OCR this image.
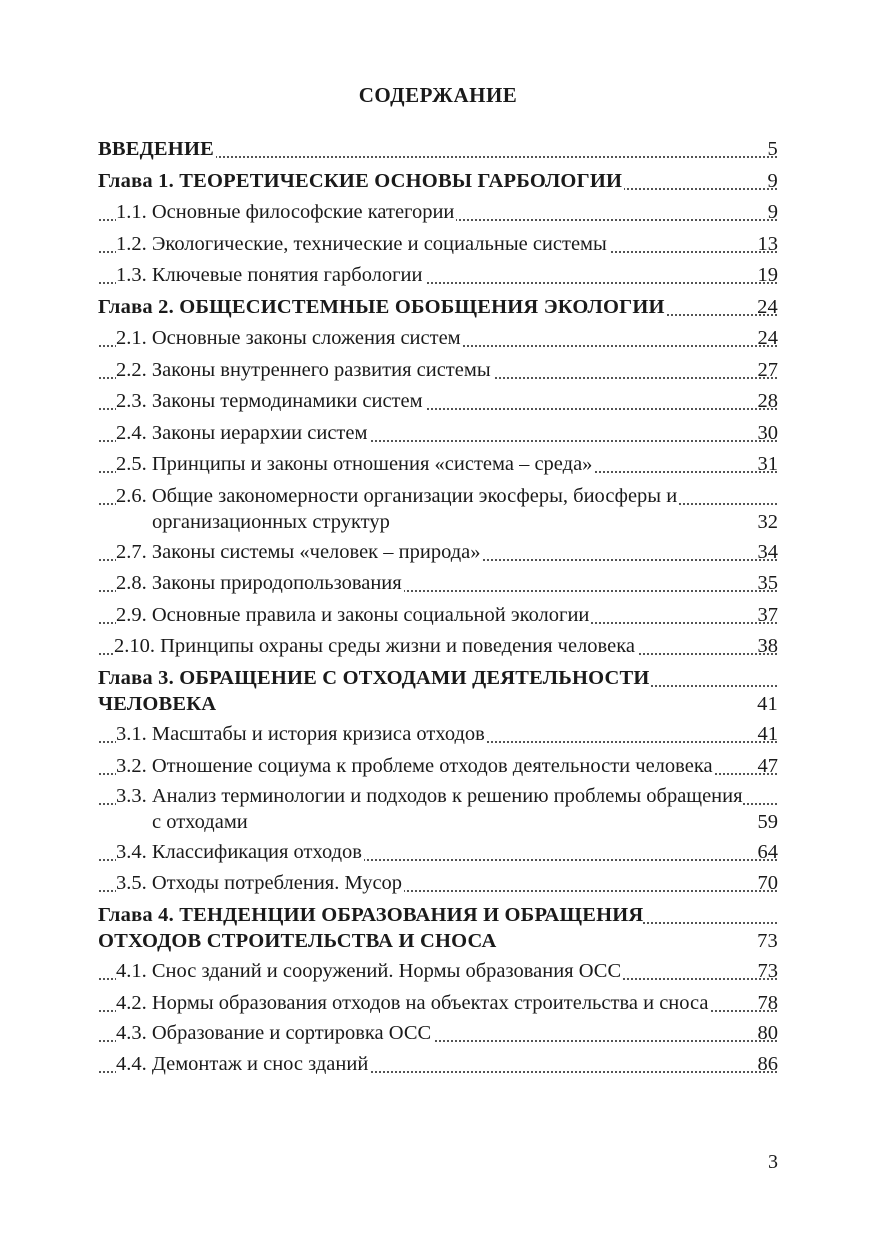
СОДЕРЖАНИЕ
ВВЕДЕНИЕ	5
Глава 1. ТЕОРЕТИЧЕСКИЕ ОСНОВЫ ГАРБОЛОГИИ	9
1.1. Основные философские категории	9
1.2. Экологические, технические и социальные системы	13
1.3. Ключевые понятия гарбологии	19
Глава 2. ОБЩЕСИСТЕМНЫЕ ОБОБЩЕНИЯ ЭКОЛОГИИ	24
2.1. Основные законы сложения систем	24
2.2. Законы внутреннего развития системы	27
2.3. Законы термодинамики систем	28
2.4. Законы иерархии систем	30
2.5. Принципы и законы отношения «система – среда»	31
2.6. Общие закономерности организации экосферы, биосферы и организационных структур	32
2.7. Законы системы «человек – природа»	34
2.8. Законы природопользования	35
2.9. Основные правила и законы социальной экологии	37
2.10. Принципы охраны среды жизни и поведения человека	38
Глава 3. ОБРАЩЕНИЕ С ОТХОДАМИ ДЕЯТЕЛЬНОСТИ ЧЕЛОВЕКА	41
3.1. Масштабы и история кризиса отходов	41
3.2. Отношение социума к проблеме отходов деятельности человека 47
3.3. Анализ терминологии и подходов к решению проблемы обращения с отходами	59
3.4. Классификация отходов	64
3.5. Отходы потребления. Мусор	70
Глава 4. ТЕНДЕНЦИИ ОБРАЗОВАНИЯ И ОБРАЩЕНИЯ ОТХОДОВ СТРОИТЕЛЬСТВА И СНОСА	73
4.1. Снос зданий и сооружений. Нормы образования ОСС	73
4.2. Нормы образования отходов на объектах строительства и сноса 78
4.3. Образование и сортировка ОСС	80
4.4. Демонтаж и снос зданий	86
3
